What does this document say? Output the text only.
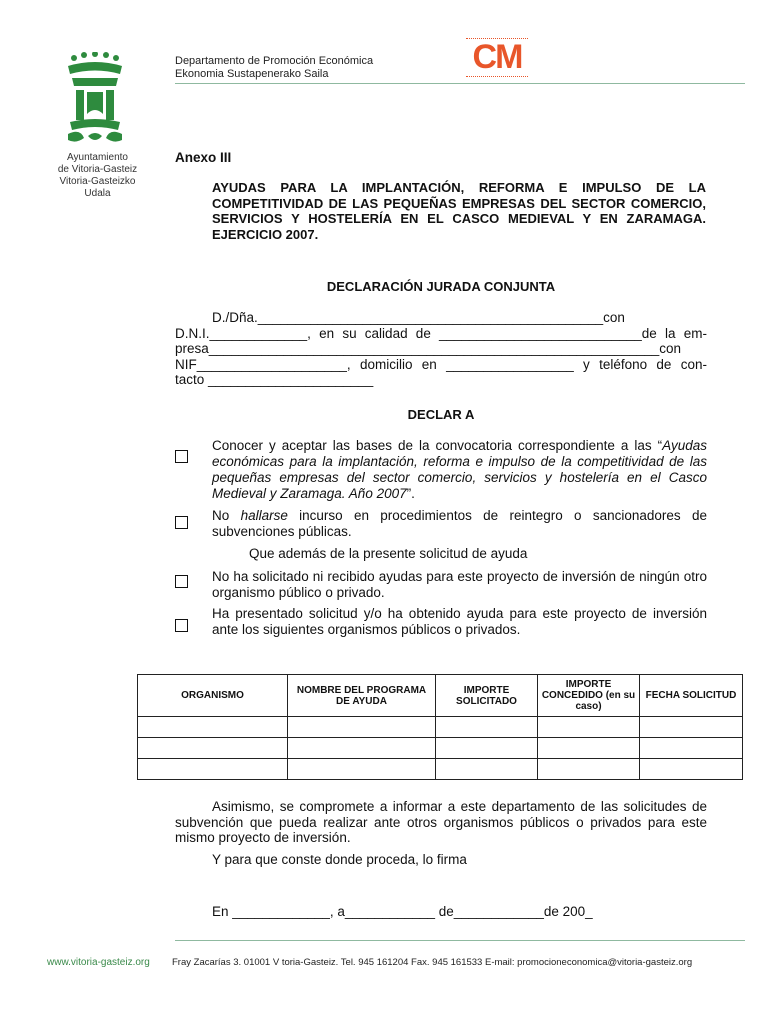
Ayuntamiento
de Vitoria-Gasteiz
Vitoria-Gasteizko
Udala
Departamento de Promoción Económica
Ekonomia Sustapenerako Saila	CM
Anexo III
AYUDAS PARA LA IMPLANTACIÓN, REFORMA E IMPULSO DE LA COMPETITIVIDAD DE LAS PEQUEÑAS EMPRESAS DEL SECTOR COMERCIO, SERVICIOS Y HOSTELERÍA EN EL CASCO MEDIEVAL Y EN ZARAMAGA. EJERCICIO 2007.
DECLARACIÓN JURADA CONJUNTA
D./Dña.______________________________________________con
D.N.I._____________, en su calidad de ___________________________de la em-
presa____________________________________________________________con
NIF____________________, domicilio en _________________ y teléfono de con-
tacto ______________________
DECLAR A
Conocer y aceptar las bases de la convocatoria correspondiente a las “Ayudas económicas para la implantación, reforma e impulso de la competitividad de las pequeñas empresas del sector comercio, servicios y hostelería en el Casco Medieval y Zaramaga. Año 2007”.
No hallarse incurso en procedimientos de reintegro o sancionadores de subvenciones públicas.
Que además de la presente solicitud de ayuda
No ha solicitado ni recibido ayudas para este proyecto de inversión de ningún otro organismo público o privado.
Ha presentado solicitud y/o ha obtenido ayuda para este proyecto de inversión ante los siguientes organismos públicos o privados.
ORGANISMO	NOMBRE DEL PROGRAMA DE AYUDA	IMPORTE SOLICITADO	IMPORTE CONCEDIDO (en su caso)	FECHA SOLICITUD

Asimismo, se compromete a informar a este departamento de las solicitudes de subvención que pueda realizar ante otros organismos públicos o privados para este mismo proyecto de inversión.
Y para que conste donde proceda, lo firma
En _____________, a____________ de____________de 200_
www.vitoria-gasteiz.org Fray Zacarías 3. 01001 V toria-Gasteiz. Tel. 945 161204 Fax. 945 161533 E-mail: promocioneconomica@vitoria-gasteiz.org
